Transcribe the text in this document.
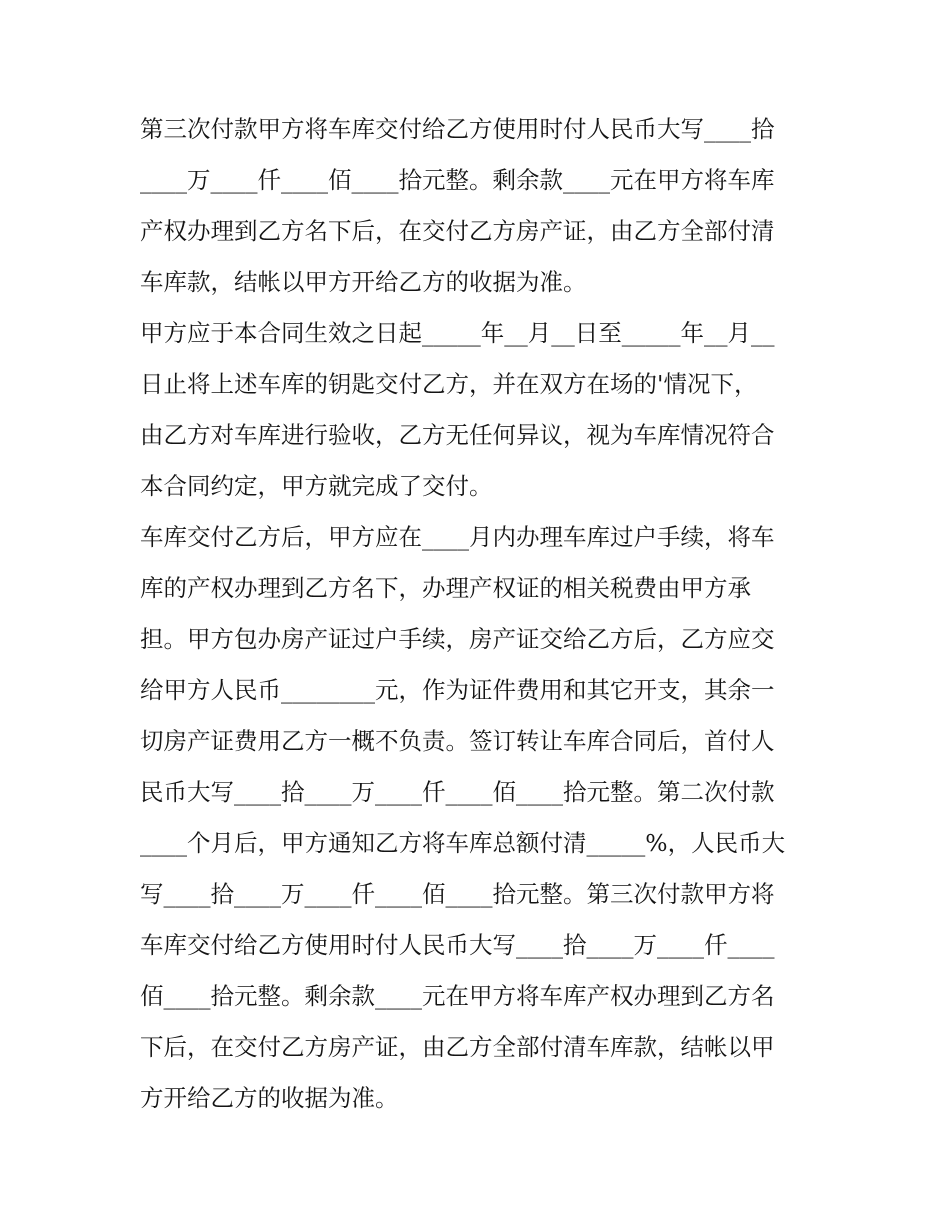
第三次付款甲方将车库交付给乙方使用时付人民币大写____拾
____万____仟____佰____拾元整。剩余款____元在甲方将车库
产权办理到乙方名下后，在交付乙方房产证，由乙方全部付清
车库款，结帐以甲方开给乙方的收据为准。

甲方应于本合同生效之日起_____年__月__日至_____年__月__
日止将上述车库的钥匙交付乙方，并在双方在场的'情况下，
由乙方对车库进行验收，乙方无任何异议，视为车库情况符合
本合同约定，甲方就完成了交付。

车库交付乙方后，甲方应在____月内办理车库过户手续，将车
库的产权办理到乙方名下，办理产权证的相关税费由甲方承
担。甲方包办房产证过户手续，房产证交给乙方后，乙方应交
给甲方人民币________元，作为证件费用和其它开支，其余一
切房产证费用乙方一概不负责。签订转让车库合同后，首付人
民币大写____拾____万____仟____佰____拾元整。第二次付款
____个月后，甲方通知乙方将车库总额付清_____%，人民币大
写____拾____万____仟____佰____拾元整。第三次付款甲方将
车库交付给乙方使用时付人民币大写____拾____万____仟____
佰____拾元整。剩余款____元在甲方将车库产权办理到乙方名
下后，在交付乙方房产证，由乙方全部付清车库款，结帐以甲
方开给乙方的收据为准。
